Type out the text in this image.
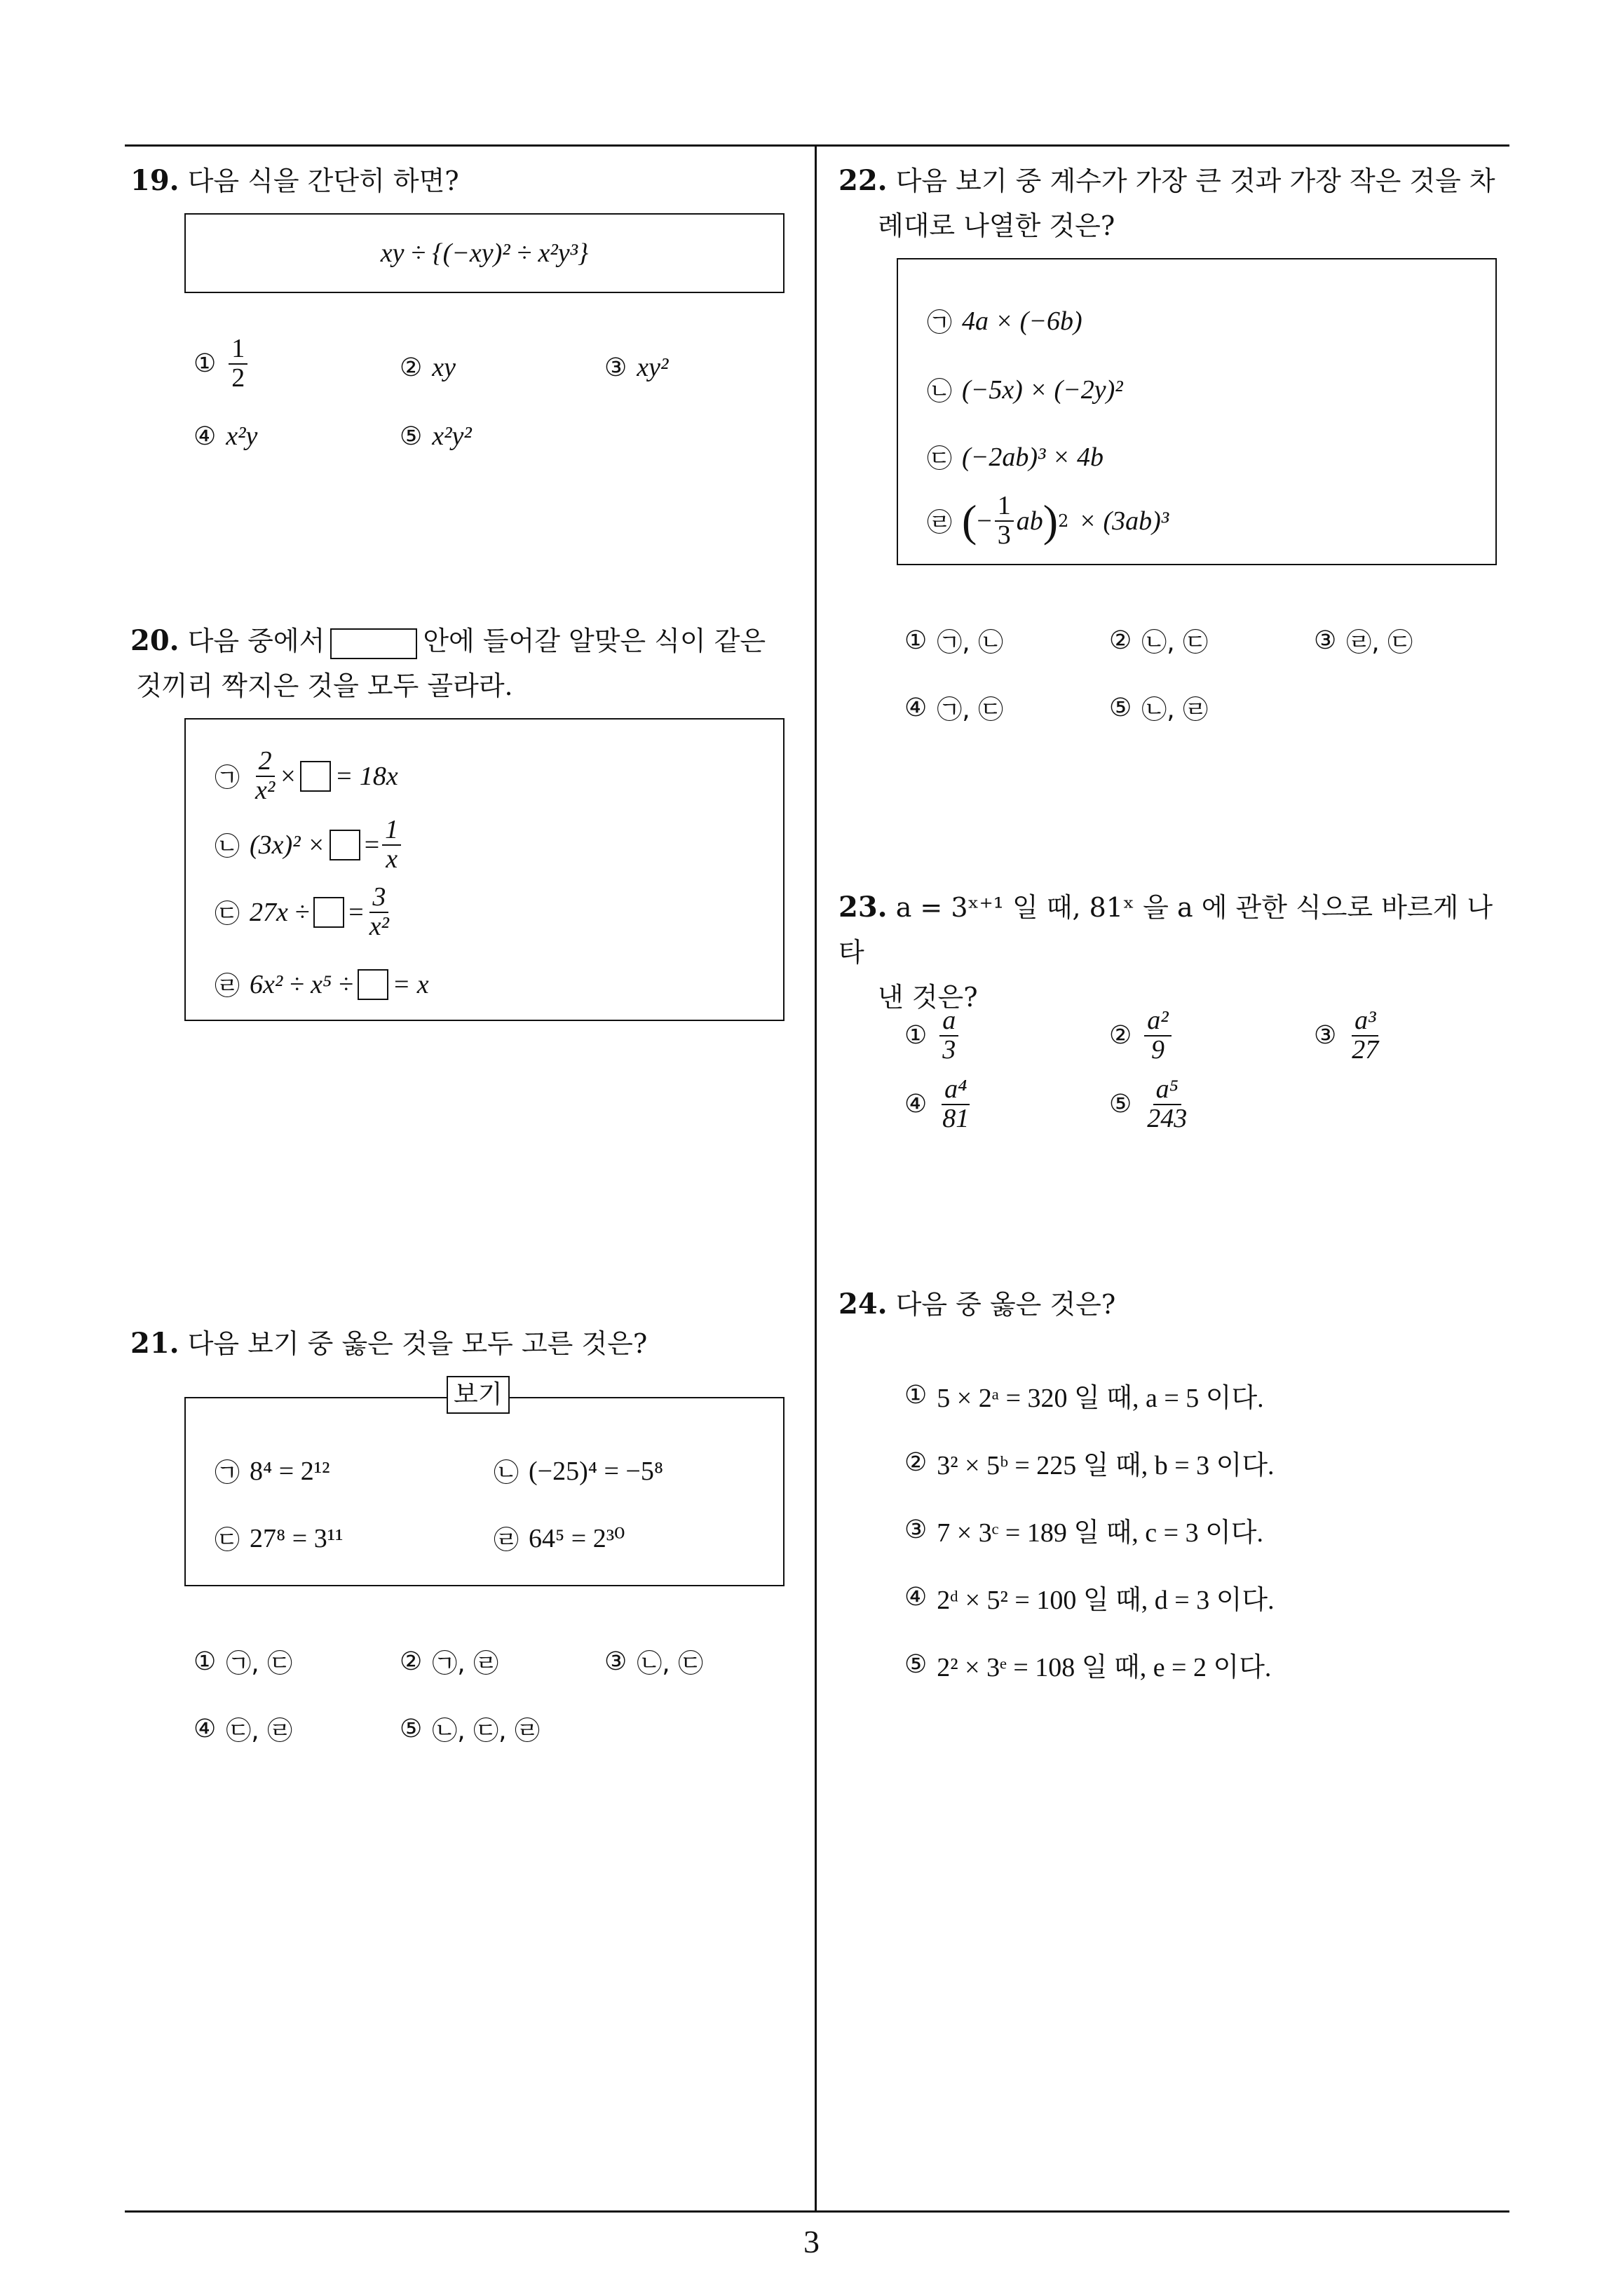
3
19. 다음 식을 간단히 하면?
xy ÷ {(−xy)² ÷ x²y³}
① $\frac{1}{2}$	② xy	③ xy²
④ x²y	⑤ x²y²
20. 다음 중에서	안에 들어갈 알맞은 식이 같은
것끼리 짝지은 것을 모두 골라라.
㉠ $\frac{2}{\text{x²}}$ × = 18x
㉡ (3x)² × = $\frac{1}{x}$
㉢ 27x ÷ = $\frac{3}{\text{x²}}$
㉣ 6x² ÷ x⁵ ÷ = x
21. 다음 보기 중 옳은 것을 모두 고른 것은?
보기
㉠ 8⁴ = 2¹²	㉡ (−25)⁴ = −5⁸
㉢ 27⁸ = 3¹¹	㉣ 64⁵ = 2³⁰
① ㉠, ㉢	② ㉠, ㉣	③ ㉡, ㉢
④ ㉢, ㉣	⑤ ㉡, ㉢, ㉣
22. 다음 보기 중 계수가 가장 큰 것과 가장 작은 것을 차
례대로 나열한 것은?
㉠ 4a × (−6b)
㉡ (−5x) × (−2y)²
㉢ (−2ab)³ × 4b
㉣ ( − $\frac{1}{3}$ ab ) 2 × (3ab)³
① ㉠, ㉡	② ㉡, ㉢	③ ㉣, ㉢
④ ㉠, ㉢	⑤ ㉡, ㉣
23. a = 3ˣ⁺¹ 일 때, 81ˣ 을 a 에 관한 식으로 바르게 나타
낸 것은?
① $\frac{a}{3}$	② $\frac{\text{a²}}{9}$	③ $\frac{\text{a³}}{27}$
④ $\frac{\text{a⁴}}{81}$	⑤ $\frac{\text{a⁵}}{243}$
24. 다음 중 옳은 것은?
① 5 × 2ᵃ = 320 일 때, a = 5 이다.
② 3² × 5ᵇ = 225 일 때, b = 3 이다.
③ 7 × 3ᶜ = 189 일 때, c = 3 이다.
④ 2ᵈ × 5² = 100 일 때, d = 3 이다.
⑤ 2² × 3ᵉ = 108 일 때, e = 2 이다.
